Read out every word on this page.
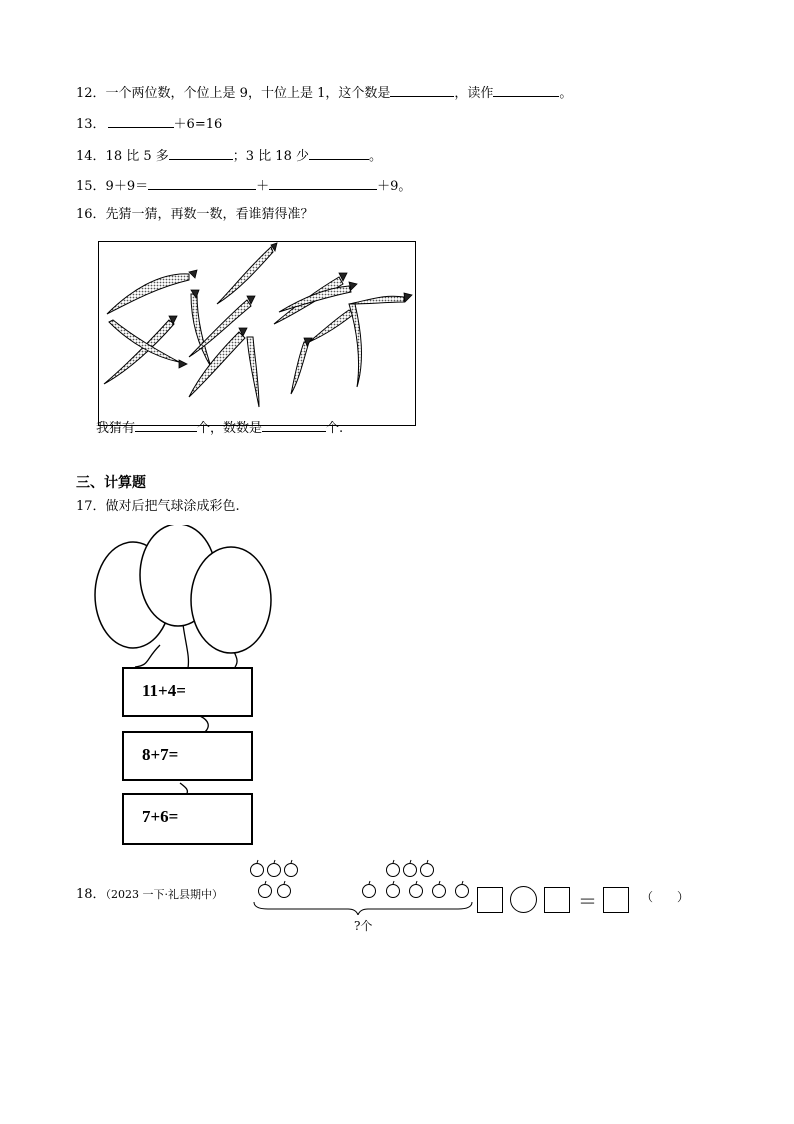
12．一个两位数，个位上是 9，十位上是 1，这个数是	，读作	。
13．	＋6=16
14．18 比 5 多	；3 比 18 少	。
15．9＋9＝	＋	＋9。
16．先猜一猜，再数一数，看谁猜得准？
我猜有	个，数数是	个.
三、计算题
17．做对后把气球涂成彩色.
11+4=
8+7=
7+6=
18．（2023 一下·礼县期中）
?个
＝	（　　）
